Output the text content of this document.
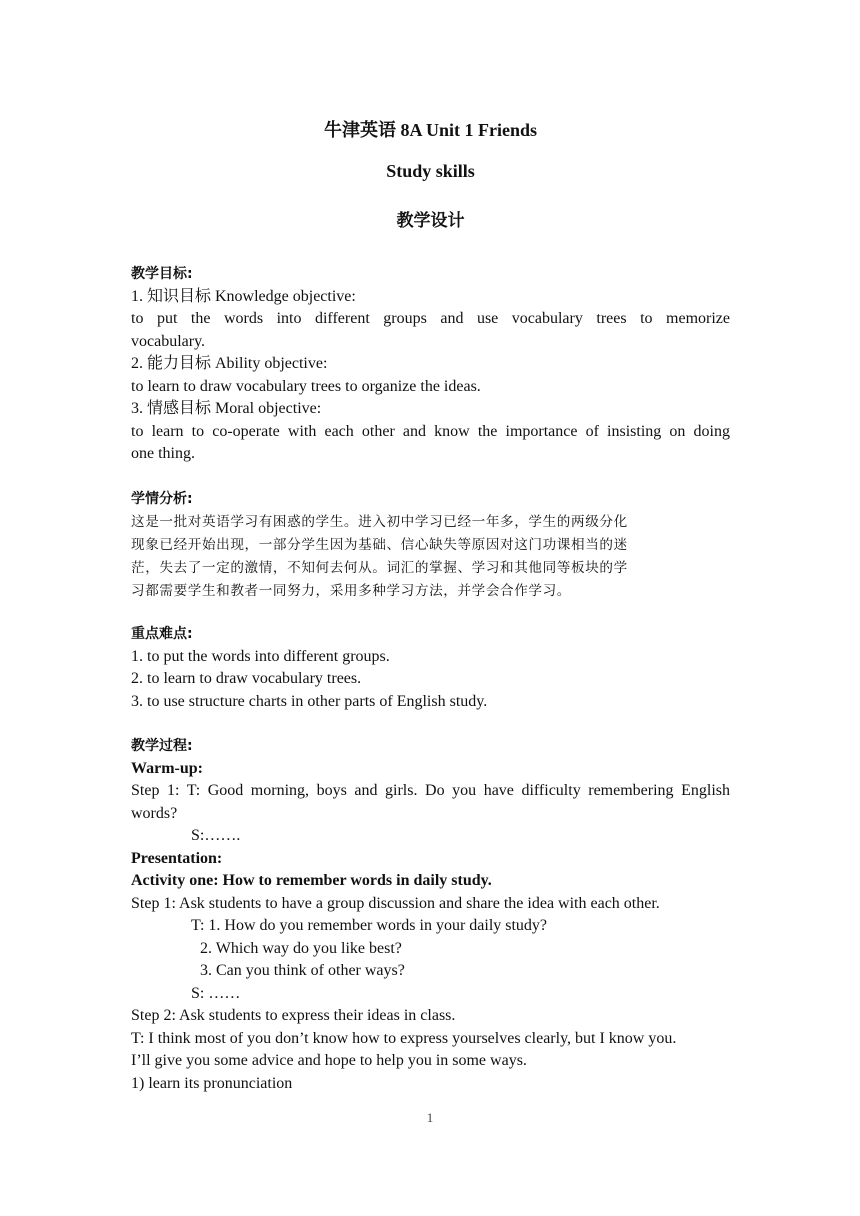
牛津英语 8A Unit 1 Friends
Study skills
教学设计
教学目标:
1. 知识目标 Knowledge objective:
to put the words into different groups and use vocabulary trees to memorize
vocabulary.
2. 能力目标 Ability objective:
to learn to draw vocabulary trees to organize the ideas.
3. 情感目标 Moral objective:
to learn to co-operate with each other and know the importance of insisting on doing
one thing.
学情分析:
这是一批对英语学习有困惑的学生。进入初中学习已经一年多，学生的两级分化
现象已经开始出现，一部分学生因为基础、信心缺失等原因对这门功课相当的迷
茫，失去了一定的激情，不知何去何从。词汇的掌握、学习和其他同等板块的学
习都需要学生和教者一同努力，采用多种学习方法，并学会合作学习。
重点难点:
1. to put the words into different groups.
2. to learn to draw vocabulary trees.
3. to use structure charts in other parts of English study.
教学过程:
Warm-up:
Step 1: T: Good morning, boys and girls. Do you have difficulty remembering English
words?
S:…….
Presentation:
Activity one: How to remember words in daily study.
Step 1: Ask students to have a group discussion and share the idea with each other.
T: 1. How do you remember words in your daily study?
2. Which way do you like best?
3. Can you think of other ways?
S: ……
Step 2: Ask students to express their ideas in class.
T: I think most of you don’t know how to express yourselves clearly, but I know you.
I’ll give you some advice and hope to help you in some ways.
1) learn its pronunciation
1
